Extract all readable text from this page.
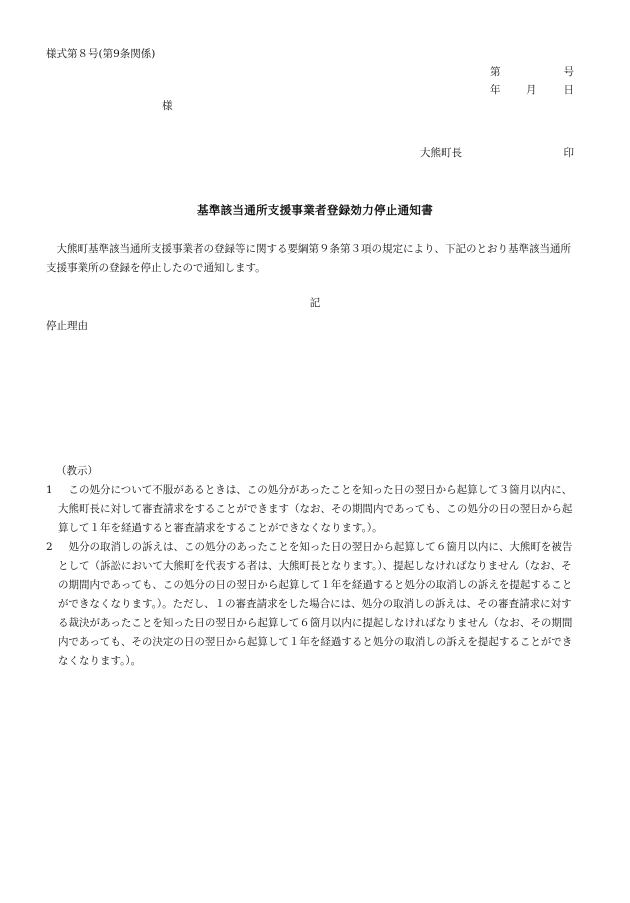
様式第８号(第9条関係)
第	号
年 月	日
様
大熊町長	印
基準該当通所支援事業者登録効力停止通知書
大熊町基準該当通所支援事業者の登録等に関する要綱第９条第３項の規定により、下記のとおり基準該当通所支援事業所の登録を停止したので通知します。
記
停止理由
（教示）
1 この処分について不服があるときは、この処分があったことを知った日の翌日から起算して３箇月以内に、大熊町長に対して審査請求をすることができます（なお、その期間内であっても、この処分の日の翌日から起算して１年を経過すると審査請求をすることができなくなります。）。
2 処分の取消しの訴えは、この処分のあったことを知った日の翌日から起算して６箇月以内に、大熊町を被告として（訴訟において大熊町を代表する者は、大熊町長となります。）、提起しなければなりません（なお、その期間内であっても、この処分の日の翌日から起算して１年を経過すると処分の取消しの訴えを提起することができなくなります。）。ただし、１の審査請求をした場合には、処分の取消しの訴えは、その審査請求に対する裁決があったことを知った日の翌日から起算して６箇月以内に提起しなければなりません（なお、その期間内であっても、その決定の日の翌日から起算して１年を経過すると処分の取消しの訴えを提起することができなくなります。）。
